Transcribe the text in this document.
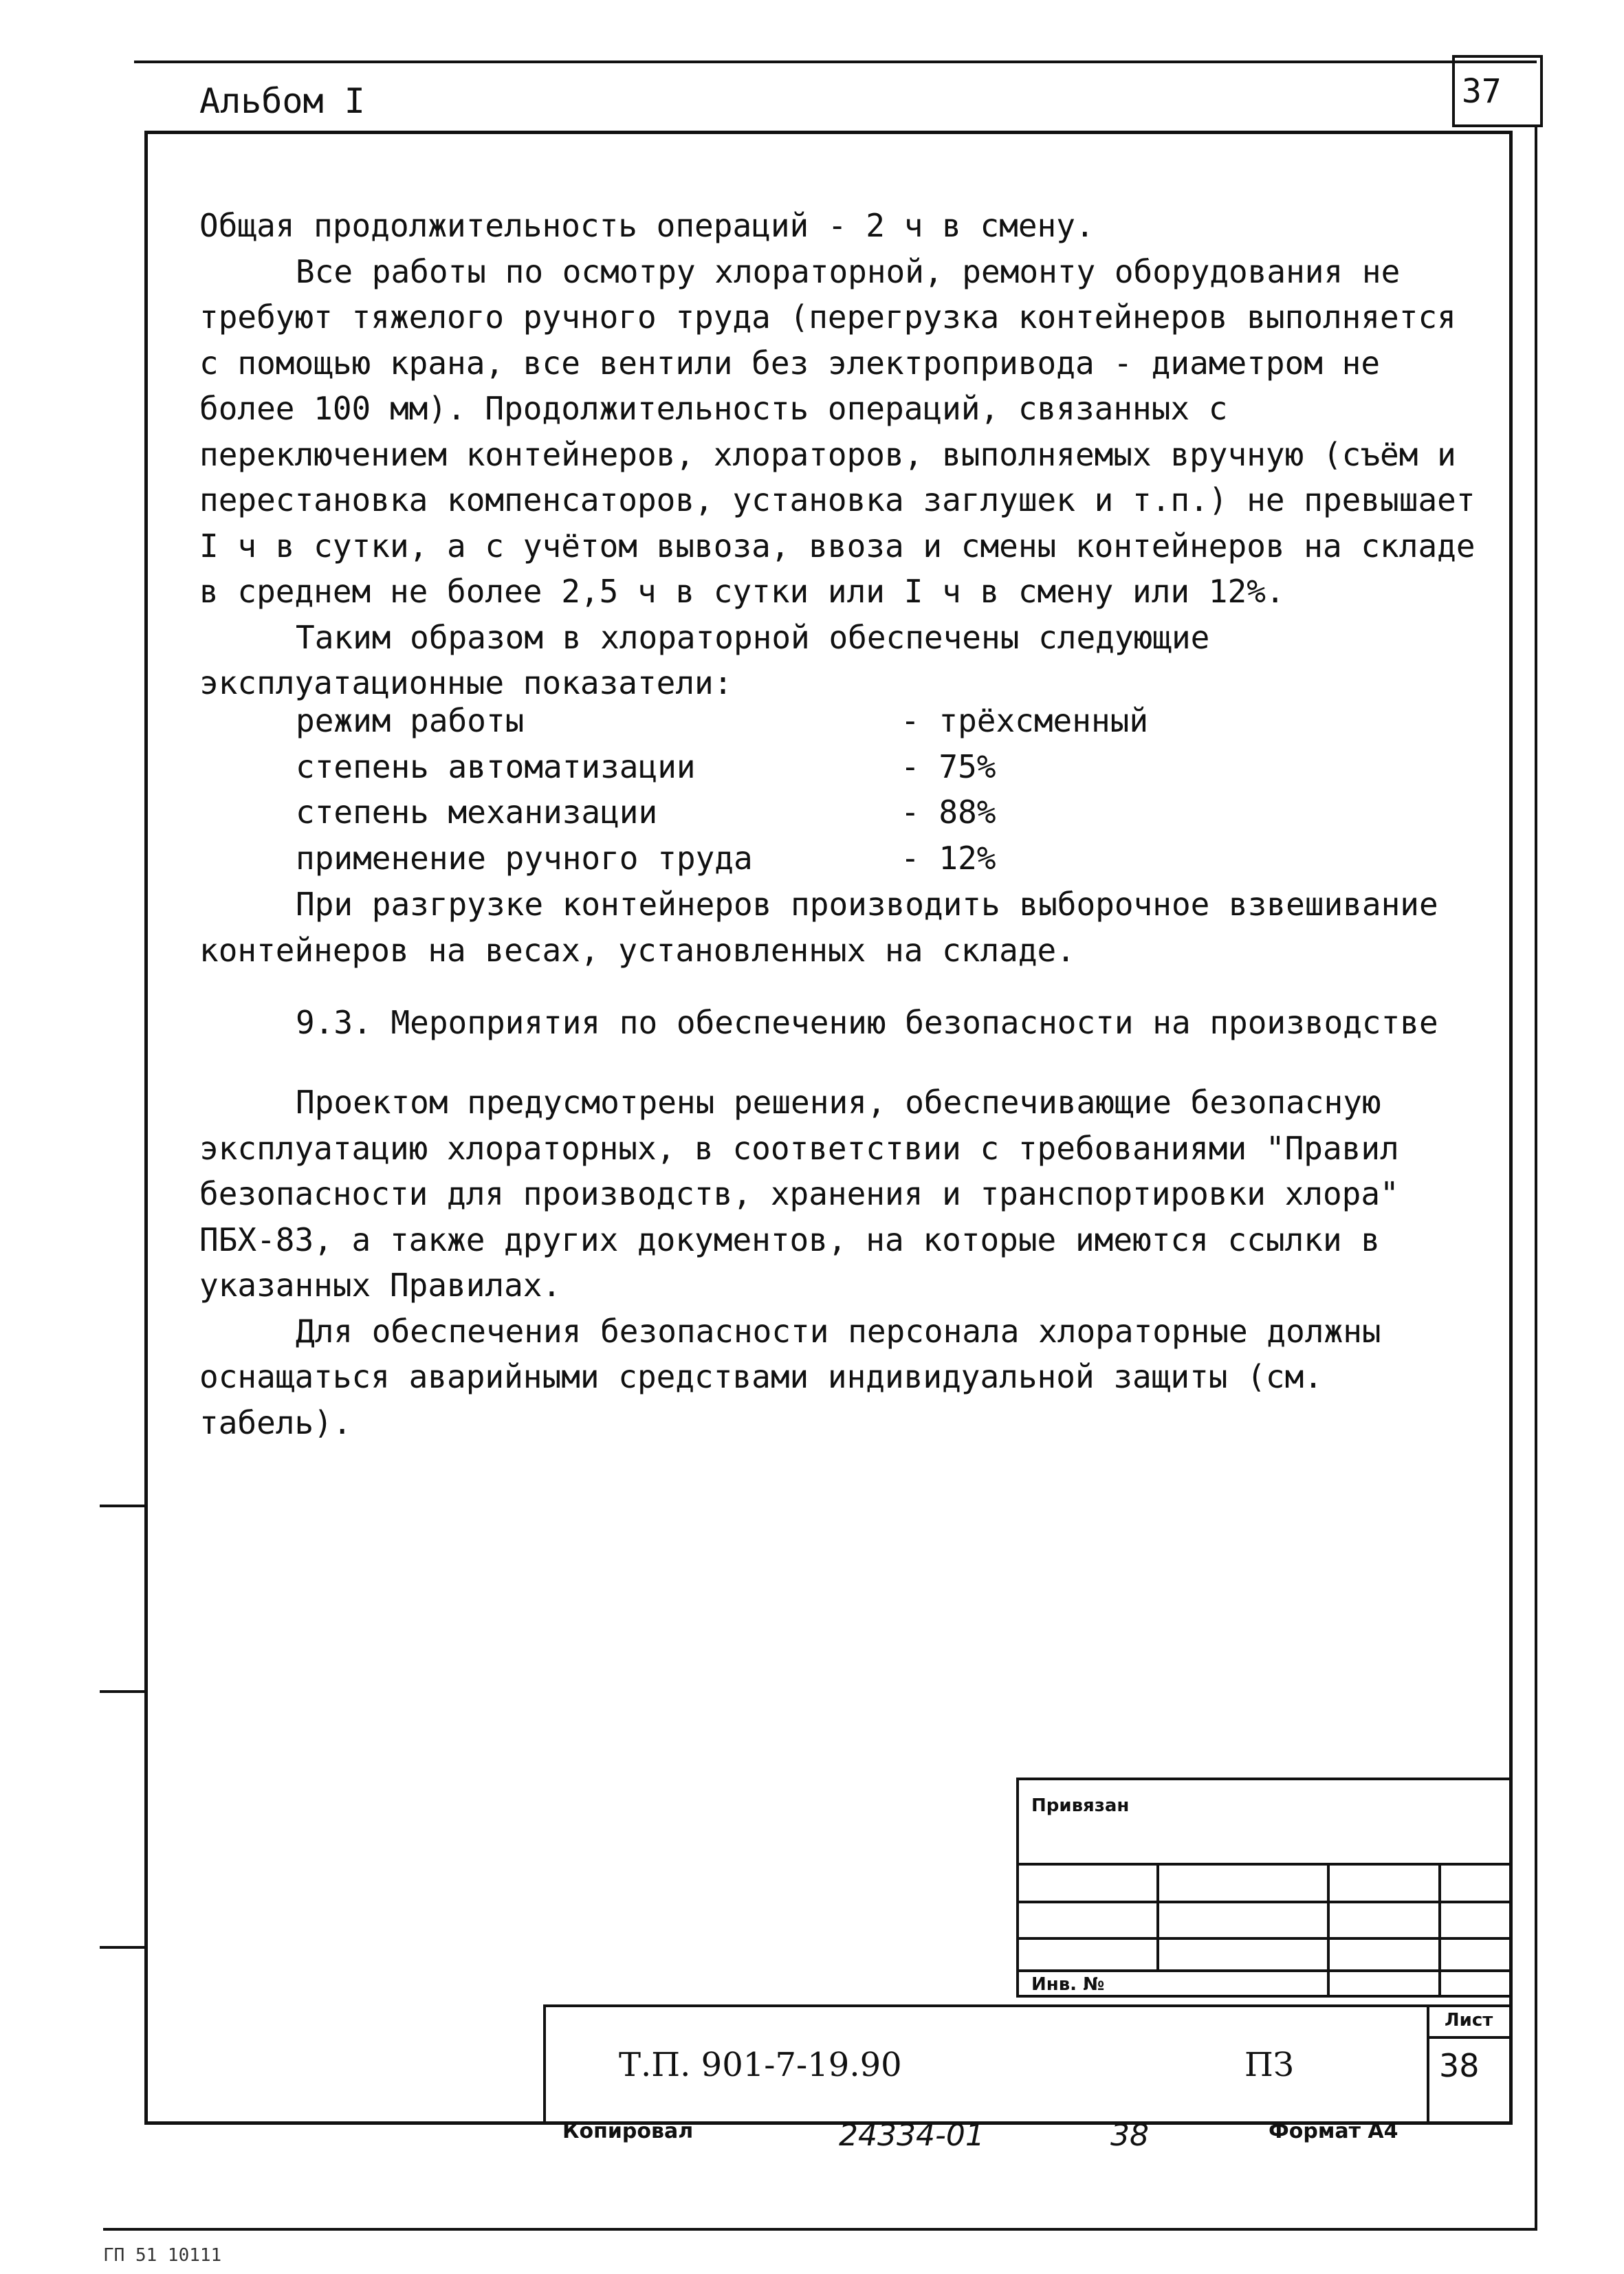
Альбом I	37

Общая продолжительность операций - 2 ч в смену.

Все работы по осмотру хлораторной, ремонту оборудования не требуют тяжелого ручного труда (перегрузка контейнеров выполняется с помощью крана, все вентили без электропривода - диаметром не более 100 мм). Продолжительность операций, связанных с переключением контейнеров, хлораторов, выполняемых вручную (съём и перестановка компенсаторов, установка заглушек и т.п.) не превышает I ч в сутки, а с учётом вывоза, ввоза и смены контейнеров на складе в среднем не более 2,5 ч в сутки или I ч в смену или 12%.

Таким образом в хлораторной обеспечены следующие эксплуатационные показатели:

режим работы	- трёхсменный
степень автоматизации	- 75%
степень механизации	- 88%
применение ручного труда	- 12%

При разгрузке контейнеров производить выборочное взвешивание контейнеров на весах, установленных на складе.

9.3. Мероприятия по обеспечению безопасности на производстве

Проектом предусмотрены решения, обеспечивающие безопасную эксплуатацию хлораторных, в соответствии с требованиями "Правил безопасности для производств, хранения и транспортировки хлора" ПБХ-83, а также других документов, на которые имеются ссылки в указанных Правилах.

Для обеспечения безопасности персонала хлораторные должны оснащаться аварийными средствами индивидуальной защиты (см. табель).

Привязан
Инв. №
Т.П. 901-7-19.90	ПЗ
Лист
38
Копировал	24334-01	38	Формат А4
ГП 51 10111
